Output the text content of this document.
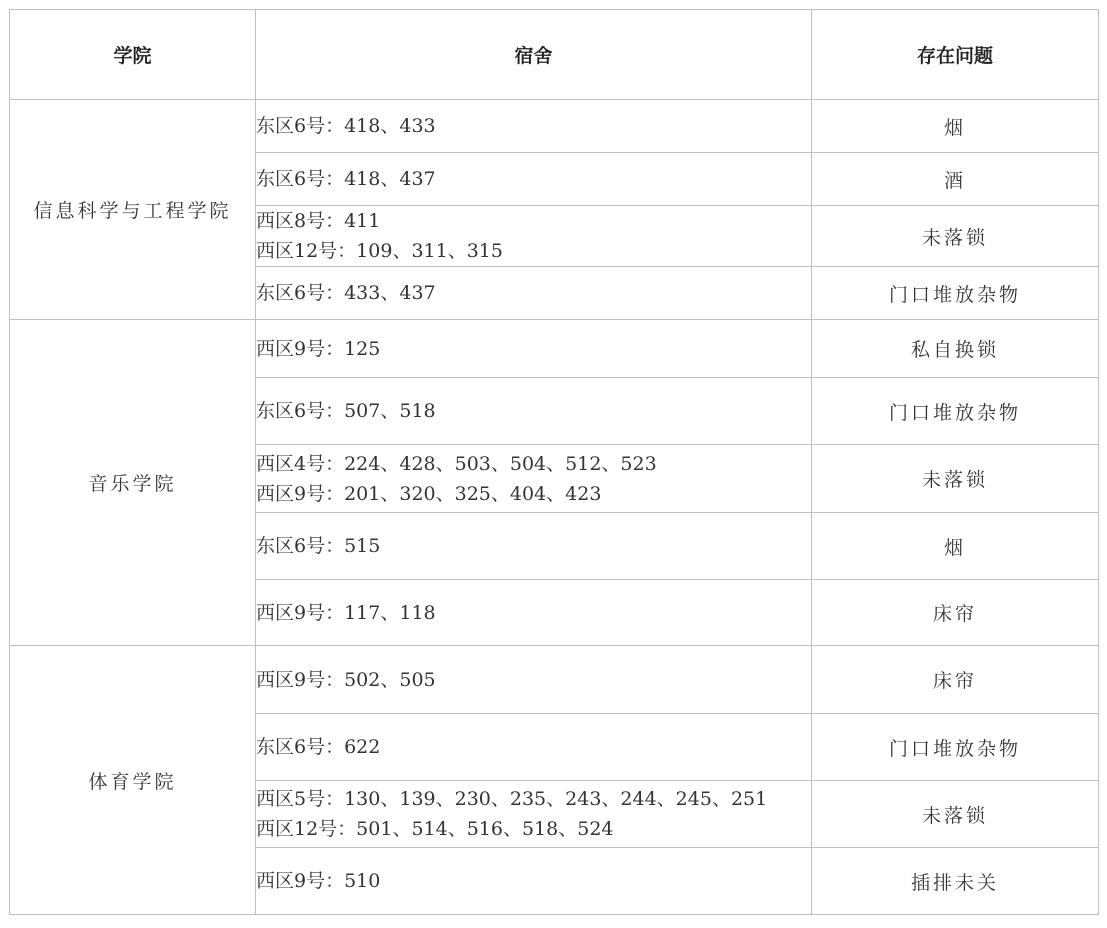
学院	宿舍	存在问题
信息科学与工程学院	东区6号：418、433	烟

	东区6号：418、437	酒

	西区8号：411
西区12号：109、311、315	未落锁

	东区6号：433、437	门口堆放杂物
音乐学院	西区9号：125	私自换锁

	东区6号：507、518	门口堆放杂物

	西区4号：224、428、503、504、512、523
西区9号：201、320、325、404、423	未落锁

	东区6号：515	烟

	西区9号：117、118	床帘
体育学院	西区9号：502、505	床帘

	东区6号：622	门口堆放杂物

	西区5号：130、139、230、235、243、244、245、251
西区12号：501、514、516、518、524	未落锁

	西区9号：510	插排未关
